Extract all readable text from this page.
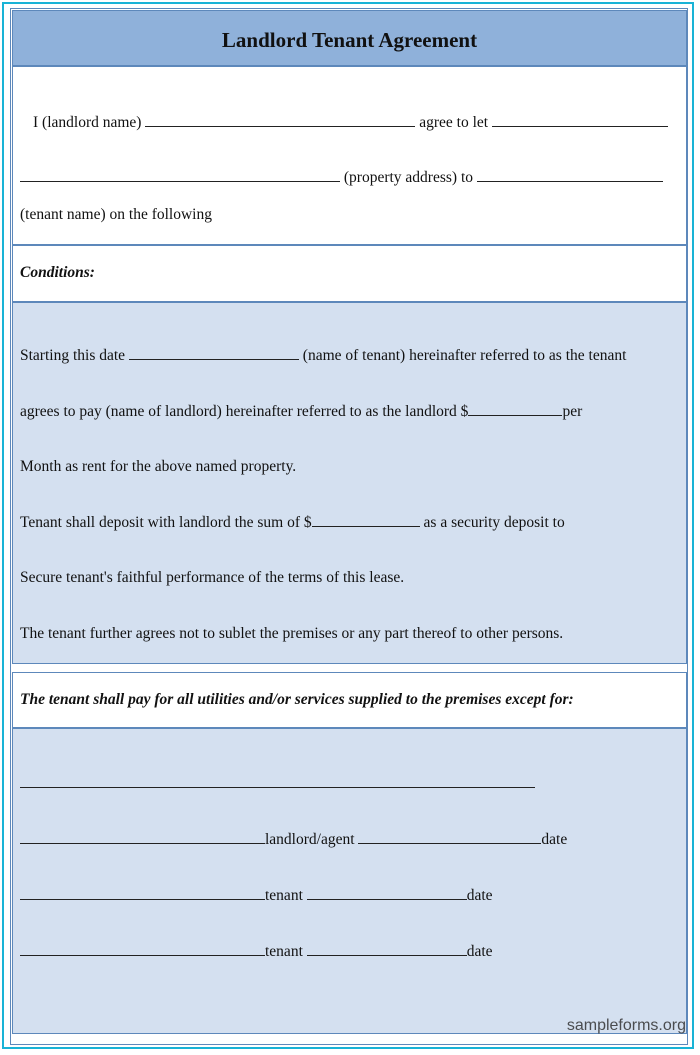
Landlord Tenant Agreement
I (landlord name)	agree to let
(property address) to
(tenant name) on the following
Conditions:
Starting this date	(name of tenant) hereinafter referred to as the tenant
agrees to pay (name of landlord) hereinafter referred to as the landlord $	per
Month as rent for the above named property.
Tenant shall deposit with landlord the sum of $	as a security deposit to
Secure tenant's faithful performance of the terms of this lease.
The tenant further agrees not to sublet the premises or any part thereof to other persons.
The tenant shall pay for all utilities and/or services supplied to the premises except for:
landlord/agent	date
tenant	date
tenant	date
sampleforms.org
